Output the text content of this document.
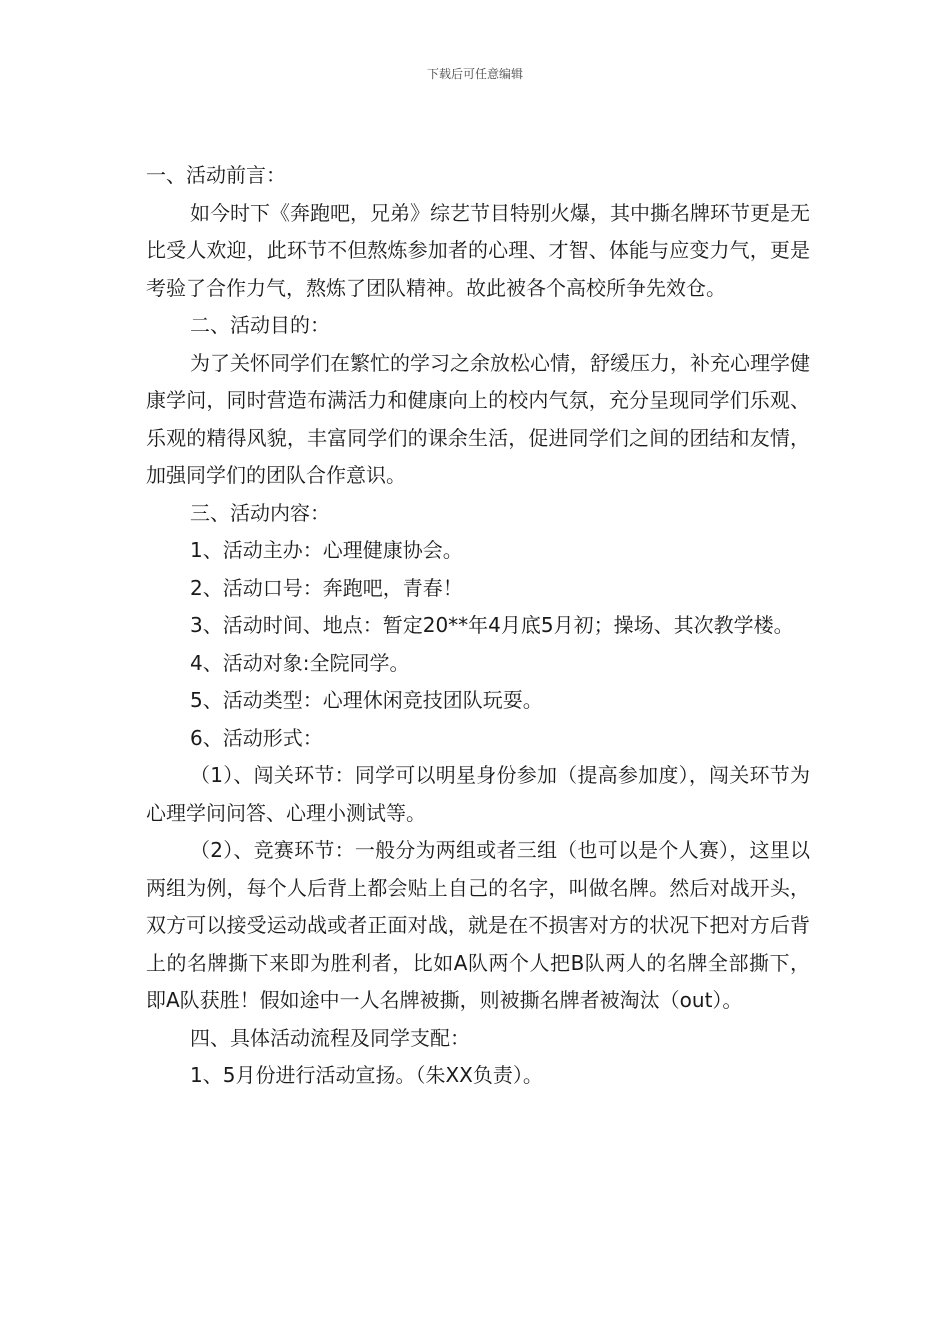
下载后可任意编辑

一、活动前言：

如今时下《奔跑吧，兄弟》综艺节目特别火爆，其中撕名牌环节更是无比受人欢迎，此环节不但熬炼参加者的心理、才智、体能与应变力气，更是考验了合作力气，熬炼了团队精神。故此被各个高校所争先效仓。

二、活动目的：

为了关怀同学们在繁忙的学习之余放松心情，舒缓压力，补充心理学健康学问，同时营造布满活力和健康向上的校内气氛，充分呈现同学们乐观、乐观的精得风貌，丰富同学们的课余生活，促进同学们之间的团结和友情，加强同学们的团队合作意识。

三、活动内容：

1、活动主办：心理健康协会。

2、活动口号：奔跑吧，青春！

3、活动时间、地点：暂定20**年4月底5月初；操场、其次教学楼。

4、活动对象:全院同学。

5、活动类型：心理休闲竞技团队玩耍。

6、活动形式：

（1）、闯关环节：同学可以明星身份参加（提高参加度），闯关环节为心理学问问答、心理小测试等。

（2）、竞赛环节：一般分为两组或者三组（也可以是个人赛），这里以两组为例，每个人后背上都会贴上自己的名字，叫做名牌。然后对战开头，双方可以接受运动战或者正面对战，就是在不损害对方的状况下把对方后背上的名牌撕下来即为胜利者，比如A队两个人把B队两人的名牌全部撕下，即A队获胜！假如途中一人名牌被撕，则被撕名牌者被淘汰（out）。

四、具体活动流程及同学支配：

1、5月份进行活动宣扬。（朱XX负责）。
